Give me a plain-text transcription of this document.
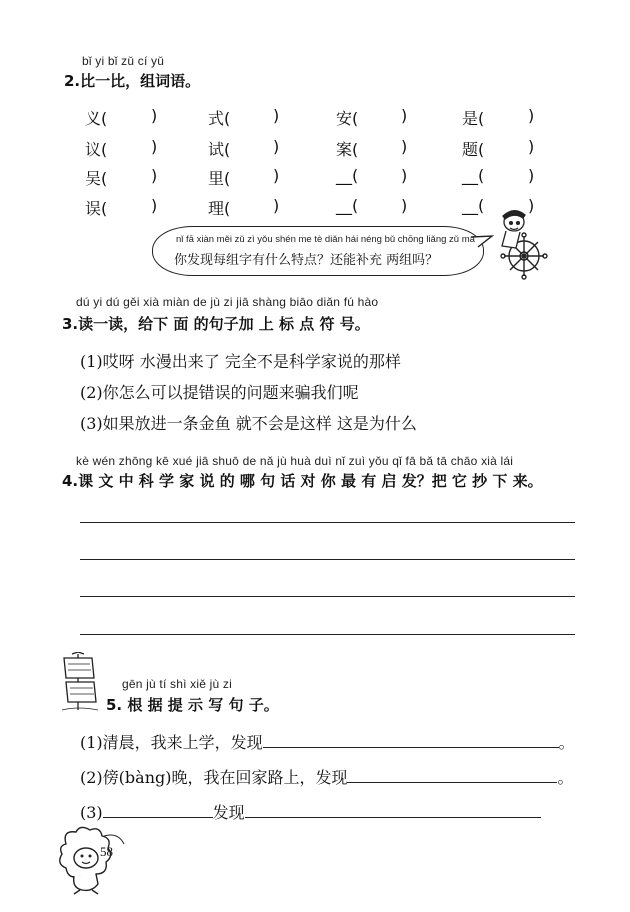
bǐ yi bǐ zǔ cí yǔ
2.比一比，组词语。
义(	)	式(	)	安(	)	是(	)
议(	)	试(	)	案(	)	题(	)
吴(	)	里(	)	__(	)	__(	)
误(	)	理(	)	__(	)	__(	)
nǐ fā xiàn měi zǔ zì yǒu shén me tè diǎn hái néng bǔ chōng liǎng zǔ ma
你发现每组字有什么特点？还能补充 两组吗？
dú yi dú gěi xià miàn de jù zi jiā shàng biāo diǎn fú hào
3.读一读，给下 面 的句子加 上 标 点 符 号。
(1)哎呀 水漫出来了 完全不是科学家说的那样
(2)你怎么可以提错误的问题来骗我们呢
(3)如果放进一条金鱼 就不会是这样 这是为什么
kè wén zhōng kē xué jiā shuō de nǎ jù huà duì nǐ zuì yǒu qǐ fā bǎ tā chāo xià lái
4.课 文 中 科 学 家 说 的 哪 句 话 对 你 最 有 启 发？把 它 抄 下 来。
gēn jù tí shì xiě jù zi
5. 根 据 提 示 写 句 子。
(1)清晨，我来上学，发现	。
(2)傍(bàng)晚，我在回家路上，发现	。
(3)	发现
58
